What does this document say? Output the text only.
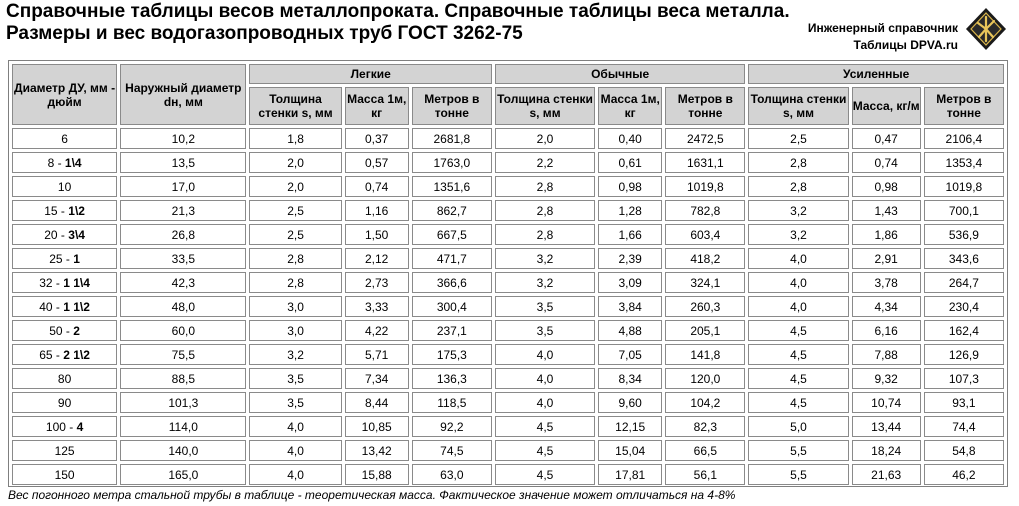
Справочные таблицы весов металлопроката. Справочные таблицы веса металла. Размеры и вес водогазопроводных труб ГОСТ 3262-75	Инженерный справочник
Таблицы DPVA.ru
Диаметр ДУ, мм - дюйм	Наружный диаметр dн, мм	Легкие			Обычные			Усиленные		
		Толщина стенки s, мм	Масса 1м, кг	Метров в тонне	Толщина стенки s, мм	Масса 1м, кг	Метров в тонне	Толщина стенки s, мм	Масса, кг/м	Метров в тонне
6	10,2	1,8	0,37	2681,8	2,0	0,40	2472,5	2,5	0,47	2106,4
8 - 1\4	13,5	2,0	0,57	1763,0	2,2	0,61	1631,1	2,8	0,74	1353,4
10	17,0	2,0	0,74	1351,6	2,8	0,98	1019,8	2,8	0,98	1019,8
15 - 1\2	21,3	2,5	1,16	862,7	2,8	1,28	782,8	3,2	1,43	700,1
20 - 3\4	26,8	2,5	1,50	667,5	2,8	1,66	603,4	3,2	1,86	536,9
25 - 1	33,5	2,8	2,12	471,7	3,2	2,39	418,2	4,0	2,91	343,6
32 - 1 1\4	42,3	2,8	2,73	366,6	3,2	3,09	324,1	4,0	3,78	264,7
40 - 1 1\2	48,0	3,0	3,33	300,4	3,5	3,84	260,3	4,0	4,34	230,4
50 - 2	60,0	3,0	4,22	237,1	3,5	4,88	205,1	4,5	6,16	162,4
65 - 2 1\2	75,5	3,2	5,71	175,3	4,0	7,05	141,8	4,5	7,88	126,9
80	88,5	3,5	7,34	136,3	4,0	8,34	120,0	4,5	9,32	107,3
90	101,3	3,5	8,44	118,5	4,0	9,60	104,2	4,5	10,74	93,1
100 - 4	114,0	4,0	10,85	92,2	4,5	12,15	82,3	5,0	13,44	74,4
125	140,0	4,0	13,42	74,5	4,5	15,04	66,5	5,5	18,24	54,8
150	165,0	4,0	15,88	63,0	4,5	17,81	56,1	5,5	21,63	46,2
Вес погонного метра стальной трубы в таблице - теоретическая масса. Фактическое значение может отличаться на 4-8%
